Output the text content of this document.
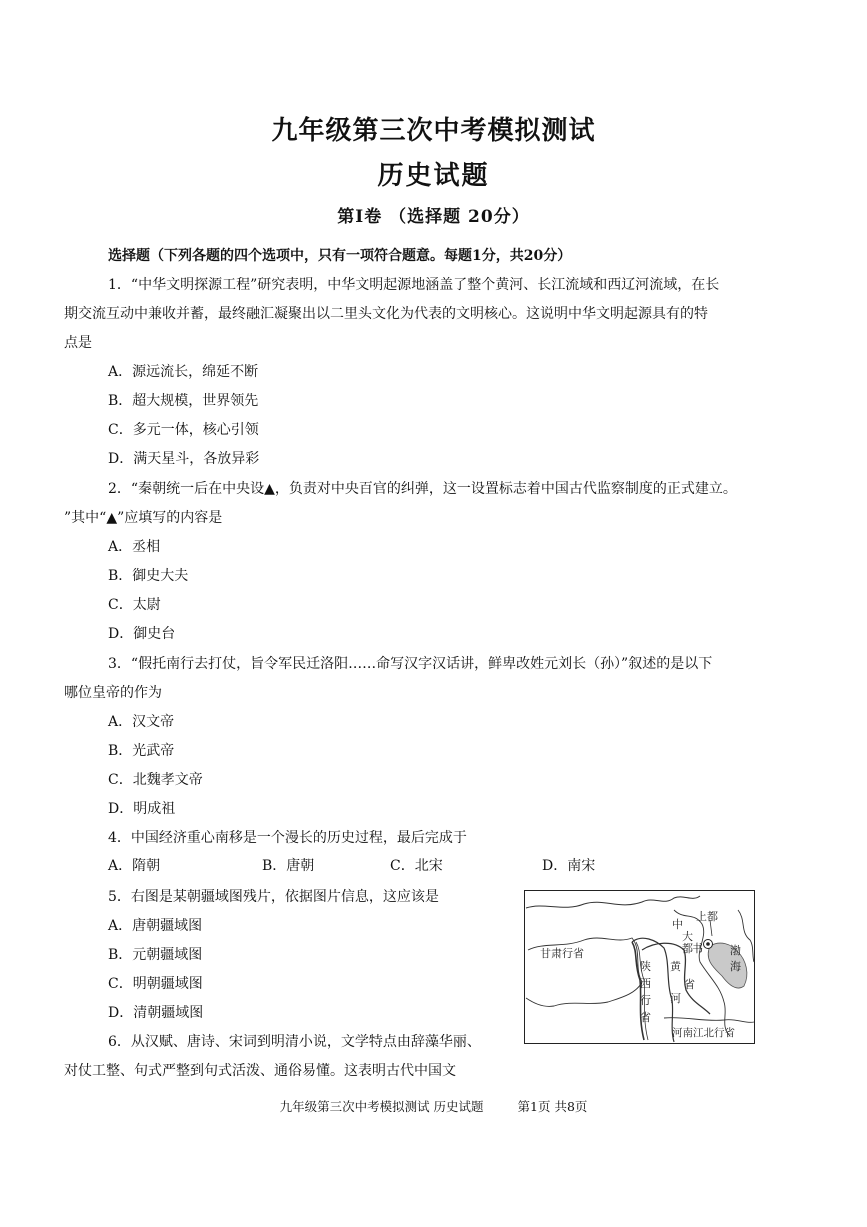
九年级第三次中考模拟测试
历史试题
第Ⅰ卷 （选择题 20分）
选择题（下列各题的四个选项中，只有一项符合题意。每题1分，共20分）
1．“中华文明探源工程”研究表明，中华文明起源地涵盖了整个黄河、长江流域和西辽河流域，在长
期交流互动中兼收并蓄，最终融汇凝聚出以二里头文化为代表的文明核心。这说明中华文明起源具有的特
点是
A．源远流长，绵延不断
B．超大规模，世界领先
C．多元一体，核心引领
D．满天星斗，各放异彩
2．“秦朝统一后在中央设▲，负责对中央百官的纠弹，这一设置标志着中国古代监察制度的正式建立。
”其中“▲”应填写的内容是
A．丞相
B．御史大夫
C．太尉
D．御史台
3．“假托南行去打仗，旨令军民迁洛阳……命写汉字汉话讲，鲜卑改姓元刘长（孙）”叙述的是以下
哪位皇帝的作为
A．汉文帝
B．光武帝
C．北魏孝文帝
D．明成祖
4．中国经济重心南移是一个漫长的历史过程，最后完成于
A．隋朝	B．唐朝	C．北宋	D．南宋
5．右图是某朝疆域图残片，依据图片信息，这应该是
A．唐朝疆域图
B．元朝疆域图
C．明朝疆域图
D．清朝疆域图
6．从汉赋、唐诗、宋词到明清小说，文学特点由辞藻华丽、
对仗工整、句式严整到句式活泼、通俗易懂。这表明古代中国文
甘肃行省
陕
西
行
省
中
书
省
上都
大
都	渤
海
黄
河
河南江北行省
九年级第三次中考模拟测试 历史试题	第1页 共8页
